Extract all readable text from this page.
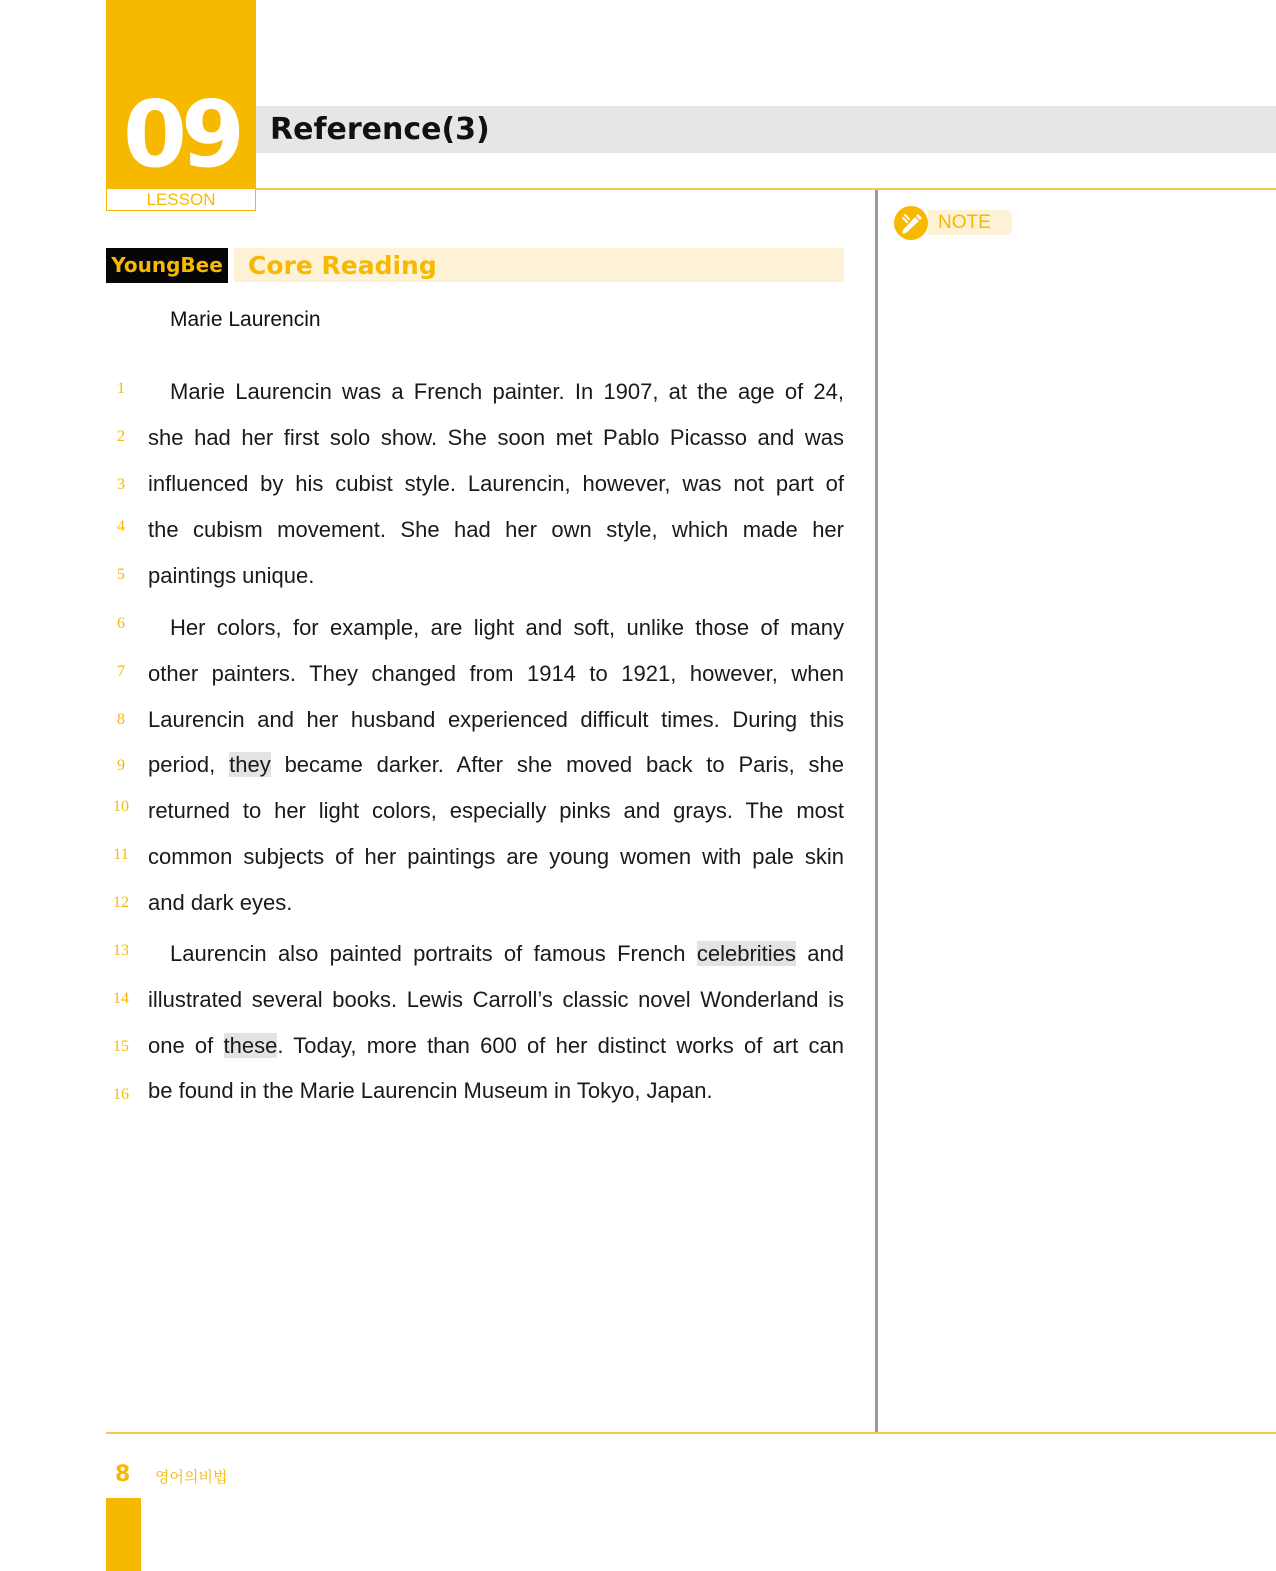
09
LESSON
Reference(3)
YoungBee Core Reading
NOTE
Marie Laurencin
1	Marie Laurencin was a French painter. In 1907, at the age of 24,
2	she had her first solo show. She soon met Pablo Picasso and was
3	influenced by his cubist style. Laurencin, however, was not part of
4	the cubism movement. She had her own style, which made her
5	paintings unique.
6	Her colors, for example, are light and soft, unlike those of many
7	other painters. They changed from 1914 to 1921, however, when
8	Laurencin and her husband experienced difficult times. During this
9	period, they became darker. After she moved back to Paris, she
10 returned to her light colors, especially pinks and grays. The most
11 common subjects of her paintings are young women with pale skin
12 and dark eyes.
13 Laurencin also painted portraits of famous French celebrities and
14 illustrated several books. Lewis Carroll’s classic novel Wonderland is
15 one of these. Today, more than 600 of her distinct works of art can
16 be found in the Marie Laurencin Museum in Tokyo, Japan.
8 영어의비법
